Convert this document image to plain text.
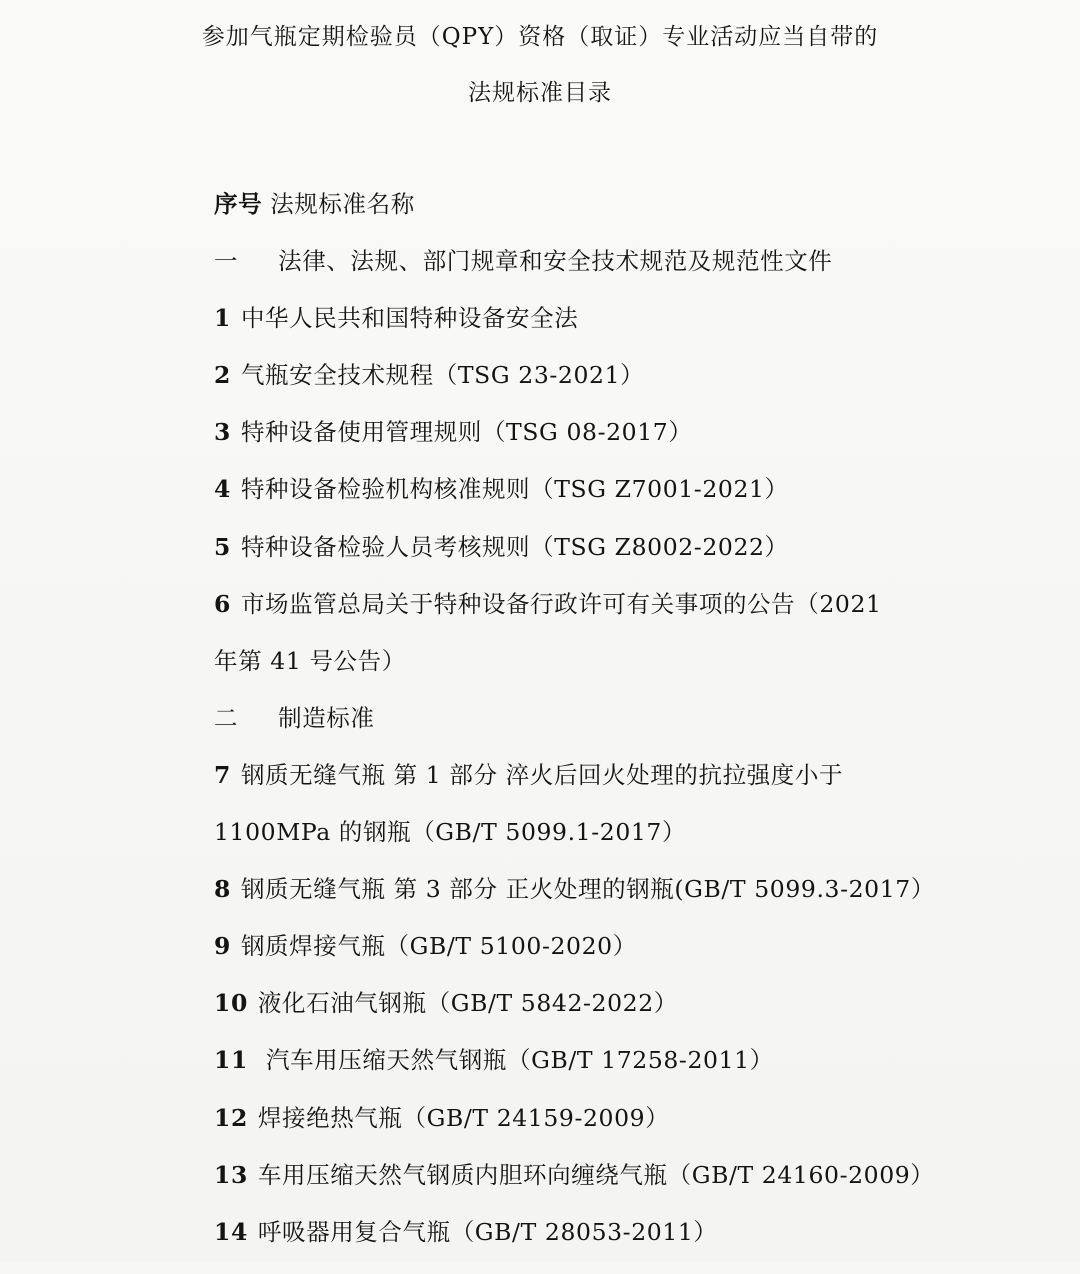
参加气瓶定期检验员（QPY）资格（取证）专业活动应当自带的
法规标准目录
序号 法规标准名称
一 法律、法规、部门规章和安全技术规范及规范性文件
1 中华人民共和国特种设备安全法
2 气瓶安全技术规程（TSG 23-2021）
3 特种设备使用管理规则（TSG 08-2017）
4 特种设备检验机构核准规则（TSG Z7001-2021）
5 特种设备检验人员考核规则（TSG Z8002-2022）
6 市场监管总局关于特种设备行政许可有关事项的公告（2021
年第 41 号公告）
二 制造标准
7 钢质无缝气瓶 第 1 部分 淬火后回火处理的抗拉强度小于
1100MPa 的钢瓶（GB/T 5099.1-2017）
8 钢质无缝气瓶 第 3 部分 正火处理的钢瓶(GB/T 5099.3-2017）
9 钢质焊接气瓶（GB/T 5100-2020）
10 液化石油气钢瓶（GB/T 5842-2022）
11 汽车用压缩天然气钢瓶（GB/T 17258-2011）
12 焊接绝热气瓶（GB/T 24159-2009）
13 车用压缩天然气钢质内胆环向缠绕气瓶（GB/T 24160-2009）
14 呼吸器用复合气瓶（GB/T 28053-2011）
